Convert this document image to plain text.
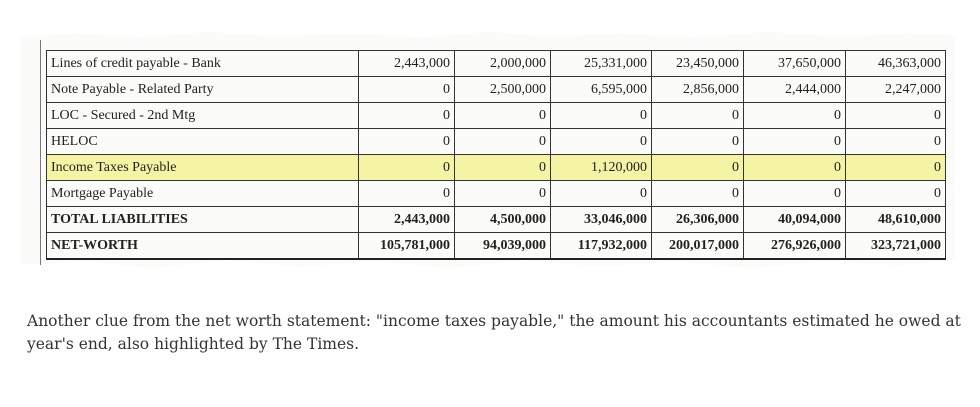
Lines of credit payable - Bank	2,443,000	2,000,000	25,331,000	23,450,000	37,650,000	46,363,000
Note Payable - Related Party	0	2,500,000	6,595,000	2,856,000	2,444,000	2,247,000
LOC - Secured - 2nd Mtg	0	0	0	0	0	0
HELOC	0	0	0	0	0	0
Income Taxes Payable	0	0	1,120,000	0	0	0
Mortgage Payable	0	0	0	0	0	0
TOTAL LIABILITIES	2,443,000	4,500,000	33,046,000	26,306,000	40,094,000	48,610,000
NET-WORTH	105,781,000	94,039,000	117,932,000	200,017,000	276,926,000	323,721,000

Another clue from the net worth statement: "income taxes payable," the amount his accountants estimated he owed at year's end, also highlighted by The Times.
